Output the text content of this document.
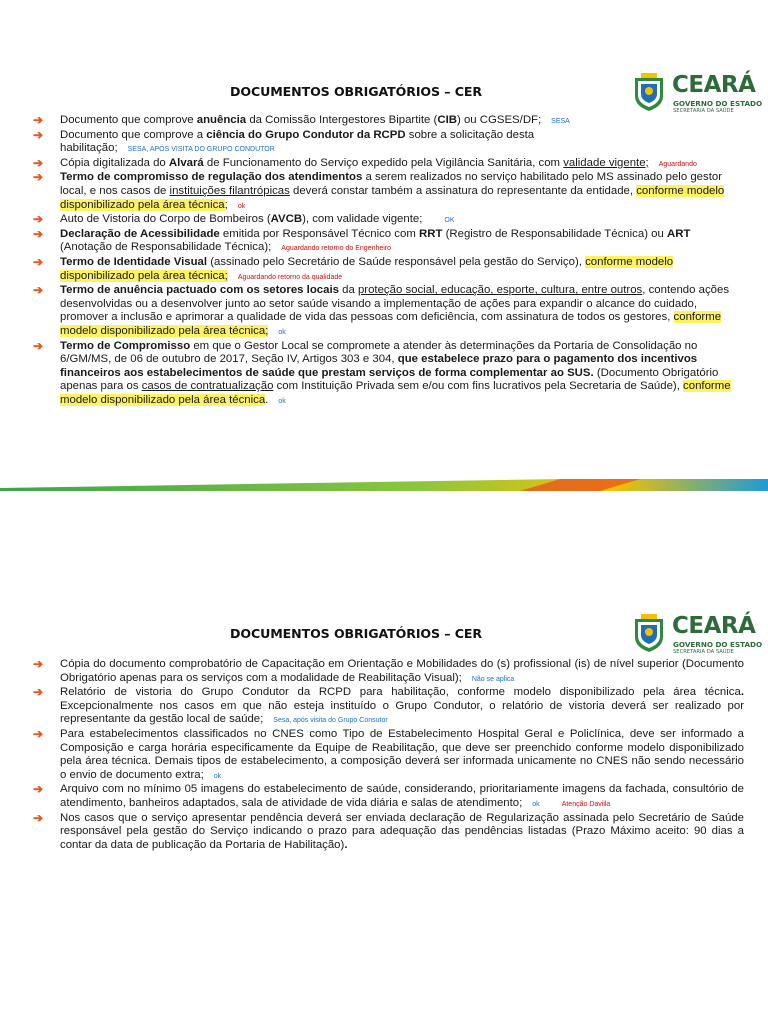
DOCUMENTOS OBRIGATÓRIOS – CER	CEARÁ
GOVERNO DO ESTADO
SECRETARIA DA SAÚDE
➔ Documento que comprove anuência da Comissão Intergestores Bipartite (CIB) ou CGSES/DF; SESA
➔ Documento que comprove a ciência do Grupo Condutor da RCPD sobre a solicitação desta habilitação; SESA, APÓS VISITA DO GRUPO CONDUTOR
➔ Cópia digitalizada do Alvará de Funcionamento do Serviço expedido pela Vigilância Sanitária, com validade vigente; Aguardando
➔ Termo de compromisso de regulação dos atendimentos a serem realizados no serviço habilitado pelo MS assinado pelo gestor local, e nos casos de instituições filantrópicas deverá constar também a assinatura do representante da entidade, conforme modelo disponibilizado pela área técnica; ok
➔ Auto de Vistoria do Corpo de Bombeiros (AVCB), com validade vigente;	OK
➔ Declaração de Acessibilidade emitida por Responsável Técnico com RRT (Registro de Responsabilidade Técnica) ou ART (Anotação de Responsabilidade Técnica); Aguardando retorno do Engenheiro
➔ Termo de Identidade Visual (assinado pelo Secretário de Saúde responsável pela gestão do Serviço), conforme modelo disponibilizado pela área técnica; Aguardando retorno da qualidade
➔ Termo de anuência pactuado com os setores locais da proteção social, educação, esporte, cultura, entre outros, contendo ações desenvolvidas ou a desenvolver junto ao setor saúde visando a implementação de ações para expandir o alcance do cuidado, promover a inclusão e aprimorar a qualidade de vida das pessoas com deficiência, com assinatura de todos os gestores, conforme modelo disponibilizado pela área técnica; ok
➔ Termo de Compromisso em que o Gestor Local se compromete a atender às determinações da Portaria de Consolidação no 6/GM/MS, de 06 de outubro de 2017, Seção IV, Artigos 303 e 304, que estabelece prazo para o pagamento dos incentivos financeiros aos estabelecimentos de saúde que prestam serviços de forma complementar ao SUS. (Documento Obrigatório apenas para os casos de contratualização com Instituição Privada sem e/ou com fins lucrativos pela Secretaria de Saúde), conforme modelo disponibilizado pela área técnica. ok
DOCUMENTOS OBRIGATÓRIOS – CER	CEARÁ
GOVERNO DO ESTADO
SECRETARIA DA SAÚDE
➔ Cópia do documento comprobatório de Capacitação em Orientação e Mobilidades do (s) profissional (is) de nível superior (Documento Obrigatório apenas para os serviços com a modalidade de Reabilitação Visual); Não se aplica
➔ Relatório de vistoria do Grupo Condutor da RCPD para habilitação, conforme modelo disponibilizado pela área técnica. Excepcionalmente nos casos em que não esteja instituído o Grupo Condutor, o relatório de vistoria deverá ser realizado por representante da gestão local de saúde; Sesa, após visita do Grupo Consutor
➔ Para estabelecimentos classificados no CNES como Tipo de Estabelecimento Hospital Geral e Policlínica, deve ser informado a Composição e carga horária especificamente da Equipe de Reabilitação, que deve ser preenchido conforme modelo disponibilizado pela área técnica. Demais tipos de estabelecimento, a composição deverá ser informada unicamente no CNES não sendo necessário o envio de documento extra; ok
➔ Arquivo com no mínimo 05 imagens do estabelecimento de saúde, considerando, prioritariamente imagens da fachada, consultório de atendimento, banheiros adaptados, sala de atividade de vida diária e salas de atendimento; ok	Atenção Daviila
➔ Nos casos que o serviço apresentar pendência deverá ser enviada declaração de Regularização assinada pelo Secretário de Saúde responsável pela gestão do Serviço indicando o prazo para adequação das pendências listadas (Prazo Máximo aceito: 90 dias a contar da data de publicação da Portaria de Habilitação).
